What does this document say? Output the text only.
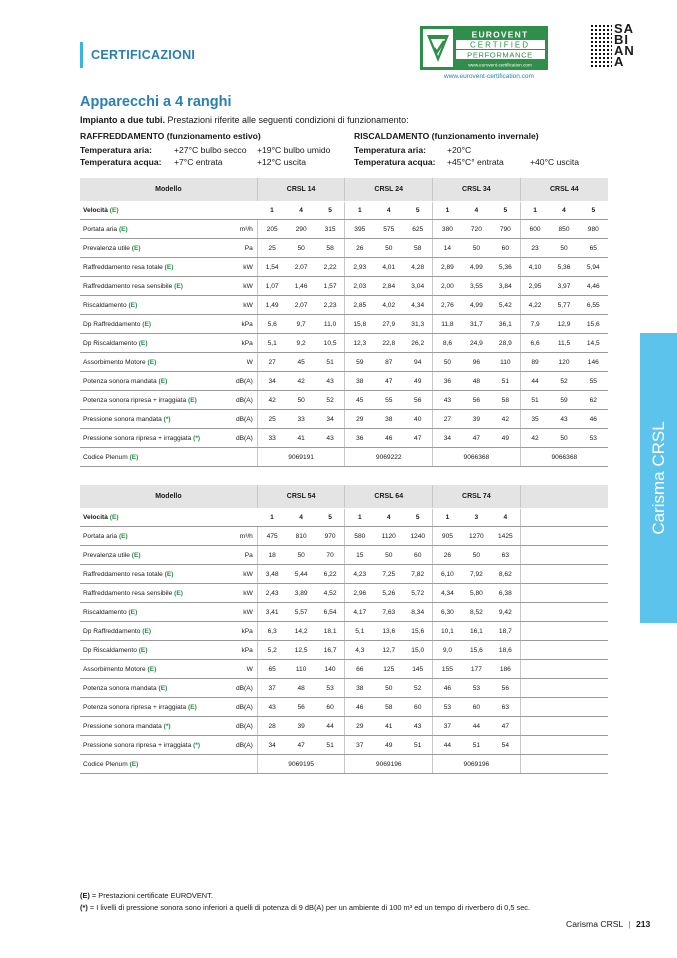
CERTIFICAZIONI
EUROVENT
CERTIFIED
PERFORMANCE
www.eurovent-certification.com
www.eurovent-certification.com
SA
BI
AN
A
Apparecchi a 4 ranghi
Impianto a due tubi. Prestazioni riferite alle seguenti condizioni di funzionamento:
RAFFREDDAMENTO (funzionamento estivo)
Temperatura aria:	+27°C bulbo secco +19°C bulbo umido
Temperatura acqua: +7°C entrata	+12°C uscita
RISCALDAMENTO (funzionamento invernale)
Temperatura aria: +20°C
Temperatura acqua: +45°C° entrata	+40°C uscita
Carisma CRSL
Modello		CRSL 14			CRSL 24			CRSL 34			CRSL 44		
Velocità (E)		1	4	5	1	4	5	1	4	5	1	4	5
Portata aria (E)	m³/h	205	290	315	395	575	625	380	720	790	600	850	980
Prevalenza utile (E)	Pa	25	50	58	26	50	58	14	50	60	23	50	65
Raffreddamento resa totale (E)	kW	1,54	2,07	2,22	2,93	4,01	4,28	2,89	4,99	5,36	4,10	5,36	5,94
Raffreddamento resa sensibile (E)	kW	1,07	1,46	1,57	2,03	2,84	3,04	2,00	3,55	3,84	2,95	3,97	4,46
Riscaldamento (E)	kW	1,49	2,07	2,23	2,85	4,02	4,34	2,76	4,99	5,42	4,22	5,77	6,55
Dp Raffreddamento (E)	kPa	5,6	9,7	11,0	15,8	27,9	31,3	11,8	31,7	36,1	7,9	12,9	15,6
Dp Riscaldamento (E)	kPa	5,1	9,2	10,5	12,3	22,8	26,2	8,6	24,9	28,9	6,6	11,5	14,5
Assorbimento Motore (E)	W	27	45	51	59	87	94	50	96	110	89	120	146
Potenza sonora mandata (E)	dB(A)	34	42	43	38	47	49	36	48	51	44	52	55
Potenza sonora ripresa + irraggiata (E)	dB(A)	42	50	52	45	55	56	43	56	58	51	59	62
Pressione sonora mandata (*)	dB(A)	25	33	34	29	38	40	27	39	42	35	43	46
Pressione sonora ripresa + irraggiata (*)	dB(A)	33	41	43	36	46	47	34	47	49	42	50	53
Codice Plenum (E)		9069191			9069222			9066368			9066368		
Modello		CRSL 54			CRSL 64			CRSL 74					
Velocità (E)		1	4	5	1	4	5	1	3	4			
Portata aria (E)	m³/h	475	810	970	580	1120	1240	905	1270	1425			
Prevalenza utile (E)	Pa	18	50	70	15	50	60	26	50	63			
Raffreddamento resa totale (E)	kW	3,48	5,44	6,22	4,23	7,25	7,82	6,10	7,92	8,62			
Raffreddamento resa sensibile (E)	kW	2,43	3,89	4,52	2,96	5,26	5,72	4,34	5,80	6,38			
Riscaldamento (E)	kW	3,41	5,57	6,54	4,17	7,63	8,34	6,30	8,52	9,42			
Dp Raffreddamento (E)	kPa	6,3	14,2	18,1	5,1	13,6	15,6	10,1	16,1	18,7			
Dp Riscaldamento (E)	kPa	5,2	12,5	16,7	4,3	12,7	15,0	9,0	15,6	18,6			
Assorbimento Motore (E)	W	65	110	140	66	125	145	155	177	186			
Potenza sonora mandata (E)	dB(A)	37	48	53	38	50	52	46	53	56			
Potenza sonora ripresa + irraggiata (E)	dB(A)	43	56	60	46	58	60	53	60	63			
Pressione sonora mandata (*)	dB(A)	28	39	44	29	41	43	37	44	47			
Pressione sonora ripresa + irraggiata (*)	dB(A)	34	47	51	37	49	51	44	51	54			
Codice Plenum (E)		9069195			9069196			9069196					
(E) = Prestazioni certificate EUROVENT.
(*) = I livelli di pressione sonora sono inferiori a quelli di potenza di 9 dB(A) per un ambiente di 100 m³ ed un tempo di riverbero di 0,5 sec.
Carisma CRSL | 213
